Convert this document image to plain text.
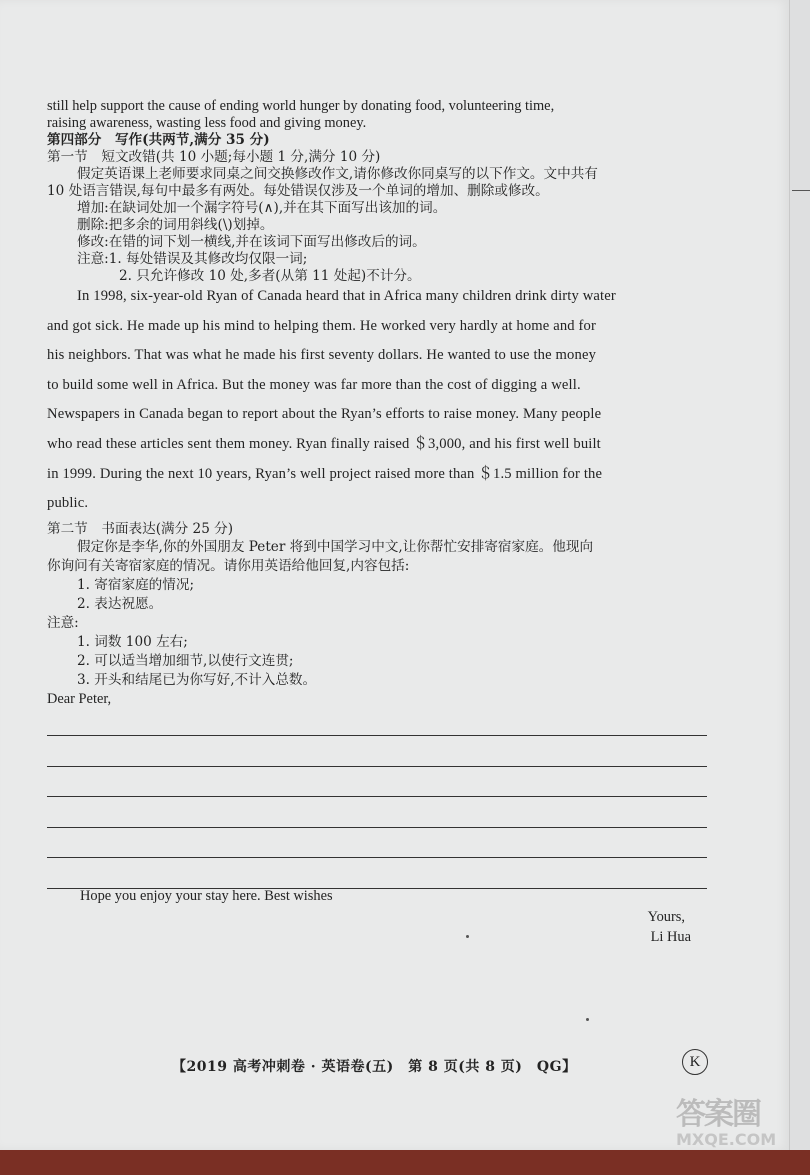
still help support the cause of ending world hunger by donating food, volunteering time,
raising awareness, wasting less food and giving money.
第四部分　写作(共两节,满分 35 分)
第一节　短文改错(共 10 小题;每小题 1 分,满分 10 分)
假定英语课上老师要求同桌之间交换修改作文,请你修改你同桌写的以下作文。文中共有
10 处语言错误,每句中最多有两处。每处错误仅涉及一个单词的增加、删除或修改。
增加:在缺词处加一个漏字符号(∧),并在其下面写出该加的词。
删除:把多余的词用斜线(\)划掉。
修改:在错的词下划一横线,并在该词下面写出修改后的词。
注意:1. 每处错误及其修改均仅限一词;
2. 只允许修改 10 处,多者(从第 11 处起)不计分。
In 1998, six-year-old Ryan of Canada heard that in Africa many children drink dirty water
and got sick. He made up his mind to helping them. He worked very hardly at home and for
his neighbors. That was what he made his first seventy dollars. He wanted to use the money
to build some well in Africa. But the money was far more than the cost of digging a well.
Newspapers in Canada began to report about the Ryan’s efforts to raise money. Many people
who read these articles sent them money. Ryan finally raised ＄3,000, and his first well built
in 1999. During the next 10 years, Ryan’s well project raised more than ＄1.5 million for the
public.
第二节　书面表达(满分 25 分)
假定你是李华,你的外国朋友 Peter 将到中国学习中文,让你帮忙安排寄宿家庭。他现向
你询问有关寄宿家庭的情况。请你用英语给他回复,内容包括:
1. 寄宿家庭的情况;
2. 表达祝愿。
注意:
1. 词数 100 左右;
2. 可以适当增加细节,以使行文连贯;
3. 开头和结尾已为你写好,不计入总数。
Dear Peter,
Hope you enjoy your stay here. Best wishes
Yours,
Li Hua
【2019 高考冲刺卷 · 英语卷(五)　第 8 页(共 8 页)　QG】	K
答案圈
MXQE.COM
